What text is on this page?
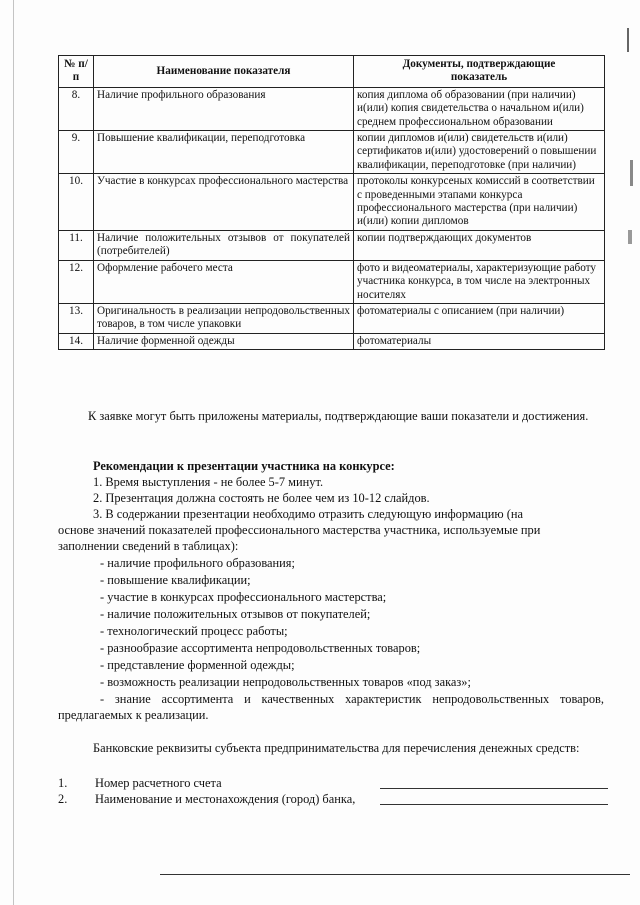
№ п/п	Наименование показателя	Документы, подтверждающие показатель
8.	Наличие профильного образования	копия диплома об образовании (при наличии) и(или) копия свидетельства о начальном и(или) среднем профессиональном образовании
9.	Повышение квалификации, переподготовка	копии дипломов и(или) свидетельств и(или) сертификатов и(или) удостоверений о повышении квалификации, переподготовке (при наличии)
10.	Участие в конкурсах профессионального мастерства	протоколы конкурсеных комиссий в соответствии с проведенными этапами конкурса профессионального мастерства (при наличии) и(или) копии дипломов
11.	Наличие положительных отзывов от покупателей (потребителей)	копии подтверждающих документов
12.	Оформление рабочего места	фото и видеоматериалы, характеризующие работу участника конкурса, в том числе на электронных носителях
13.	Оригинальность в реализации непродовольственных товаров, в том числе упаковки	фотоматериалы с описанием (при наличии)
14.	Наличие форменной одежды	фотоматериалы
К заявке могут быть приложены материалы, подтверждающие ваши показатели и достижения.
Рекомендации к презентации участника на конкурсе:
1. Время выступления - не более 5-7 минут.
2. Презентация должна состоять не более чем из 10-12 слайдов.
3. В содержании презентации необходимо отразить следующую информацию (на
основе значений показателей профессионального мастерства участника, используемые при
заполнении сведений в таблицах):
- наличие профильного образования;
- повышение квалификации;
- участие в конкурсах профессионального мастерства;
- наличие положительных отзывов от покупателей;
- технологический процесс работы;
- разнообразие ассортимента непродовольственных товаров;
- представление форменной одежды;
- возможность реализации непродовольственных товаров «под заказ»;
- знание ассортимента и качественных характеристик непродовольственных товаров,
предлагаемых к реализации.
Банковские реквизиты субъекта предпринимательства для перечисления денежных средств:
1. Номер расчетного счета
2. Наименование и местонахождения (город) банка,
